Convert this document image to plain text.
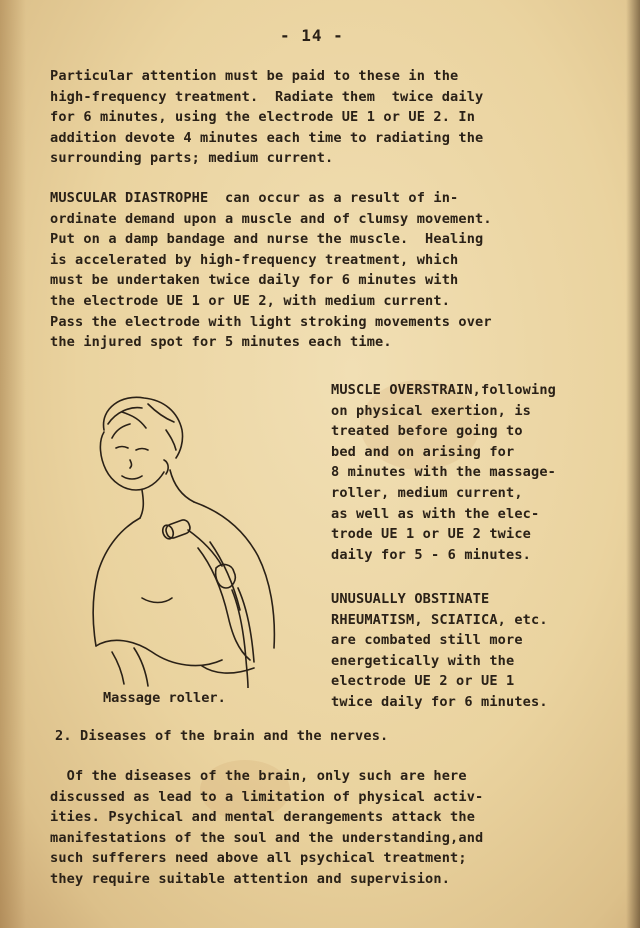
- 14 -
Particular attention must be paid to these in the
high-frequency treatment.  Radiate them  twice daily
for 6 minutes, using the electrode UE 1 or UE 2. In
addition devote 4 minutes each time to radiating the
surrounding parts; medium current.
MUSCULAR DIASTROPHE  can occur as a result of in-
ordinate demand upon a muscle and of clumsy movement.
Put on a damp bandage and nurse the muscle.  Healing
is accelerated by high-frequency treatment, which
must be undertaken twice daily for 6 minutes with
the electrode UE 1 or UE 2, with medium current.
Pass the electrode with light stroking movements over
the injured spot for 5 minutes each time.
MUSCLE OVERSTRAIN,following
on physical exertion, is
treated before going to
bed and on arising for
8 minutes with the massage-
roller, medium current,
as well as with the elec-
trode UE 1 or UE 2 twice
daily for 5 - 6 minutes.
UNUSUALLY OBSTINATE
RHEUMATISM, SCIATICA, etc.
are combated still more
energetically with the
electrode UE 2 or UE 1
twice daily for 6 minutes.
Massage roller.
2. Diseases of the brain and the nerves.
Of the diseases of the brain, only such are here
discussed as lead to a limitation of physical activ-
ities. Psychical and mental derangements attack the
manifestations of the soul and the understanding,and
such sufferers need above all psychical treatment;
they require suitable attention and supervision.
